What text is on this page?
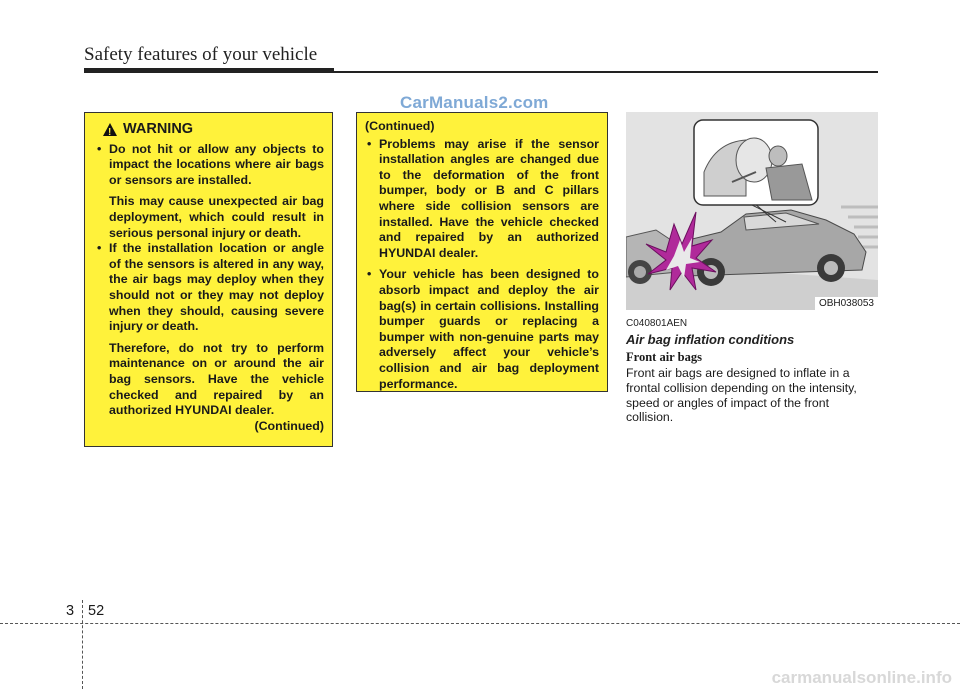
Safety features of your vehicle
CarManuals2.com
!
WARNING
• Do not hit or allow any objects to impact the locations where air bags or sensors are installed.
This may cause unexpected air bag deployment, which could result in serious personal injury or death.
• If the installation location or angle of the sensors is altered in any way, the air bags may deploy when they should not or they may not deploy when they should, causing severe injury or death.
Therefore, do not try to perform maintenance on or around the air bag sensors. Have the vehicle checked and repaired by an authorized HYUNDAI dealer.
(Continued)
(Continued)
• Problems may arise if the sensor installation angles are changed due to the deformation of the front bumper, body or B and C pillars where side collision sensors are installed. Have the vehicle checked and repaired by an authorized HYUNDAI dealer.
• Your vehicle has been designed to absorb impact and deploy the air bag(s) in certain collisions. Installing bumper guards or replacing a bumper with non-genuine parts may adversely affect your vehicle’s collision and air bag deployment performance.
OBH038053
C040801AEN
Air bag inflation conditions
Front air bags
Front air bags are designed to inflate in a frontal collision depending on the intensity, speed or angles of impact of the front collision.
3 52
carmanualsonline.info
